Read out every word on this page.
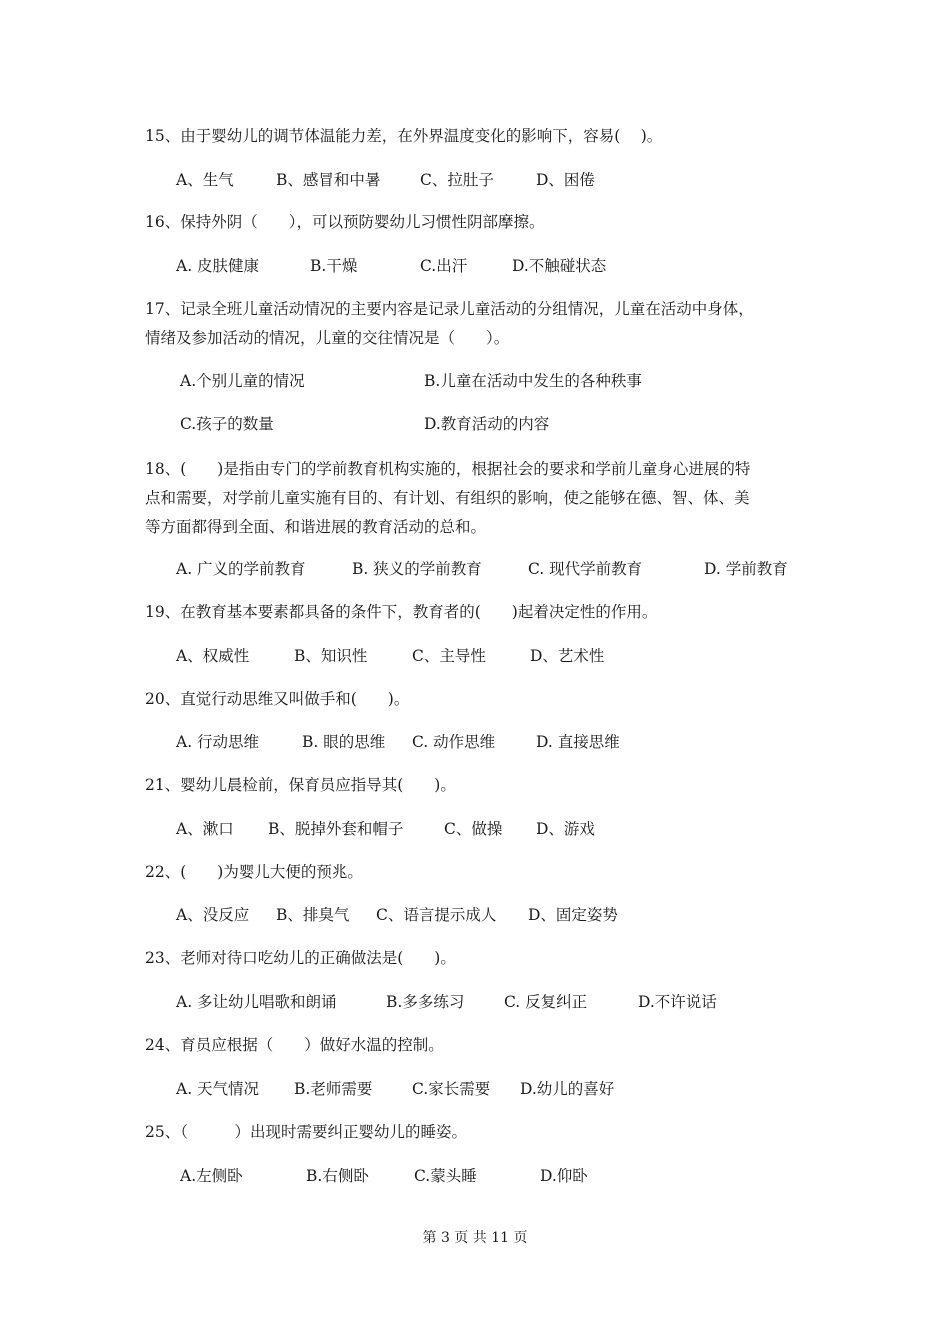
15、由于婴幼儿的调节体温能力差，在外界温度变化的影响下，容易(　 )。
A、生气	B、感冒和中暑	C、拉肚子	D、困倦
16、保持外阴（　　），可以预防婴幼儿习惯性阴部摩擦。
A. 皮肤健康	B.干燥	C.出汗	D.不触碰状态
17、记录全班儿童活动情况的主要内容是记录儿童活动的分组情况，儿童在活动中身体，
情绪及参加活动的情况，儿童的交往情况是（　　）。
A.个别儿童的情况	B.儿童在活动中发生的各种秩事
C.孩子的数量	D.教育活动的内容
18、(　　)是指由专门的学前教育机构实施的，根据社会的要求和学前儿童身心进展的特
点和需要，对学前儿童实施有目的、有计划、有组织的影响，使之能够在德、智、体、美
等方面都得到全面、和谐进展的教育活动的总和。
A. 广义的学前教育	B. 狭义的学前教育	C. 现代学前教育	D. 学前教育
19、在教育基本要素都具备的条件下，教育者的(　　)起着决定性的作用。
A、权威性	B、知识性	C、主导性	D、艺术性
20、直觉行动思维又叫做手和(　　)。
A. 行动思维	B. 眼的思维 C. 动作思维	D. 直接思维
21、婴幼儿晨检前，保育员应指导其(　　)。
A、漱口 B、脱掉外套和帽子	C、做操 D、游戏
22、(　　)为婴儿大便的预兆。
A、没反应 B、排臭气 C、语言提示成人 D、固定姿势
23、老师对待口吃幼儿的正确做法是(　　)。
A. 多让幼儿唱歌和朗诵	B.多多练习	C. 反复纠正	D.不许说话
24、育员应根据（　　）做好水温的控制。
A. 天气情况 B.老师需要	C.家长需要 D.幼儿的喜好
25、（　　　）出现时需要纠正婴幼儿的睡姿。
A.左侧卧	B.右侧卧	C.蒙头睡	D.仰卧
第 3 页 共 11 页
